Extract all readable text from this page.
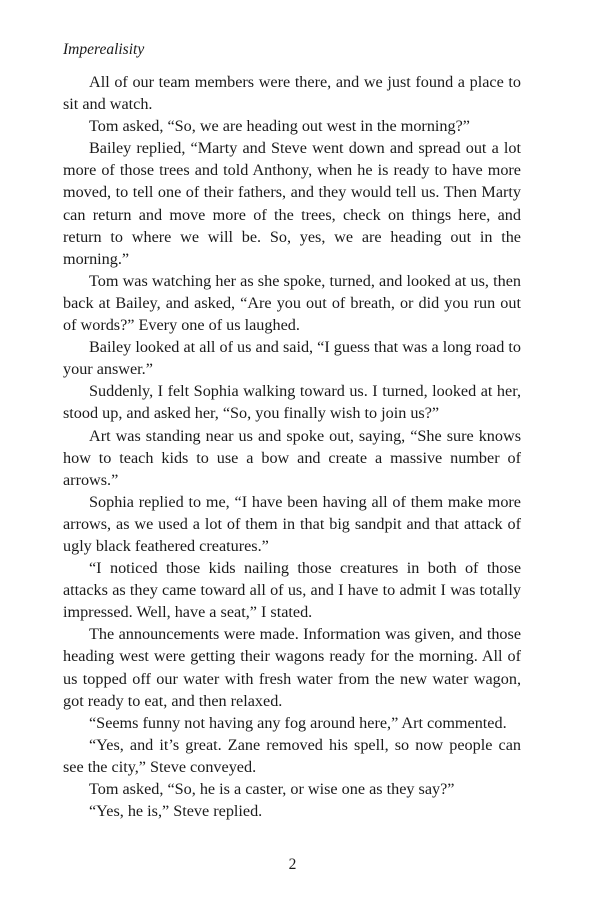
Imperealisity

All of our team members were there, and we just found a place to sit and watch.

Tom asked, “So, we are heading out west in the morning?”

Bailey replied, “Marty and Steve went down and spread out a lot more of those trees and told Anthony, when he is ready to have more moved, to tell one of their fathers, and they would tell us. Then Marty can return and move more of the trees, check on things here, and return to where we will be. So, yes, we are heading out in the morning.”

Tom was watching her as she spoke, turned, and looked at us, then back at Bailey, and asked, “Are you out of breath, or did you run out of words?” Every one of us laughed.

Bailey looked at all of us and said, “I guess that was a long road to your answer.”

Suddenly, I felt Sophia walking toward us. I turned, looked at her, stood up, and asked her, “So, you finally wish to join us?”

Art was standing near us and spoke out, saying, “She sure knows how to teach kids to use a bow and create a massive number of arrows.”

Sophia replied to me, “I have been having all of them make more arrows, as we used a lot of them in that big sandpit and that attack of ugly black feathered creatures.”

“I noticed those kids nailing those creatures in both of those attacks as they came toward all of us, and I have to admit I was totally impressed. Well, have a seat,” I stated.

The announcements were made. Information was given, and those heading west were getting their wagons ready for the morning. All of us topped off our water with fresh water from the new water wagon, got ready to eat, and then relaxed.

“Seems funny not having any fog around here,” Art commented.

“Yes, and it’s great. Zane removed his spell, so now people can see the city,” Steve conveyed.

Tom asked, “So, he is a caster, or wise one as they say?”

“Yes, he is,” Steve replied.

2
